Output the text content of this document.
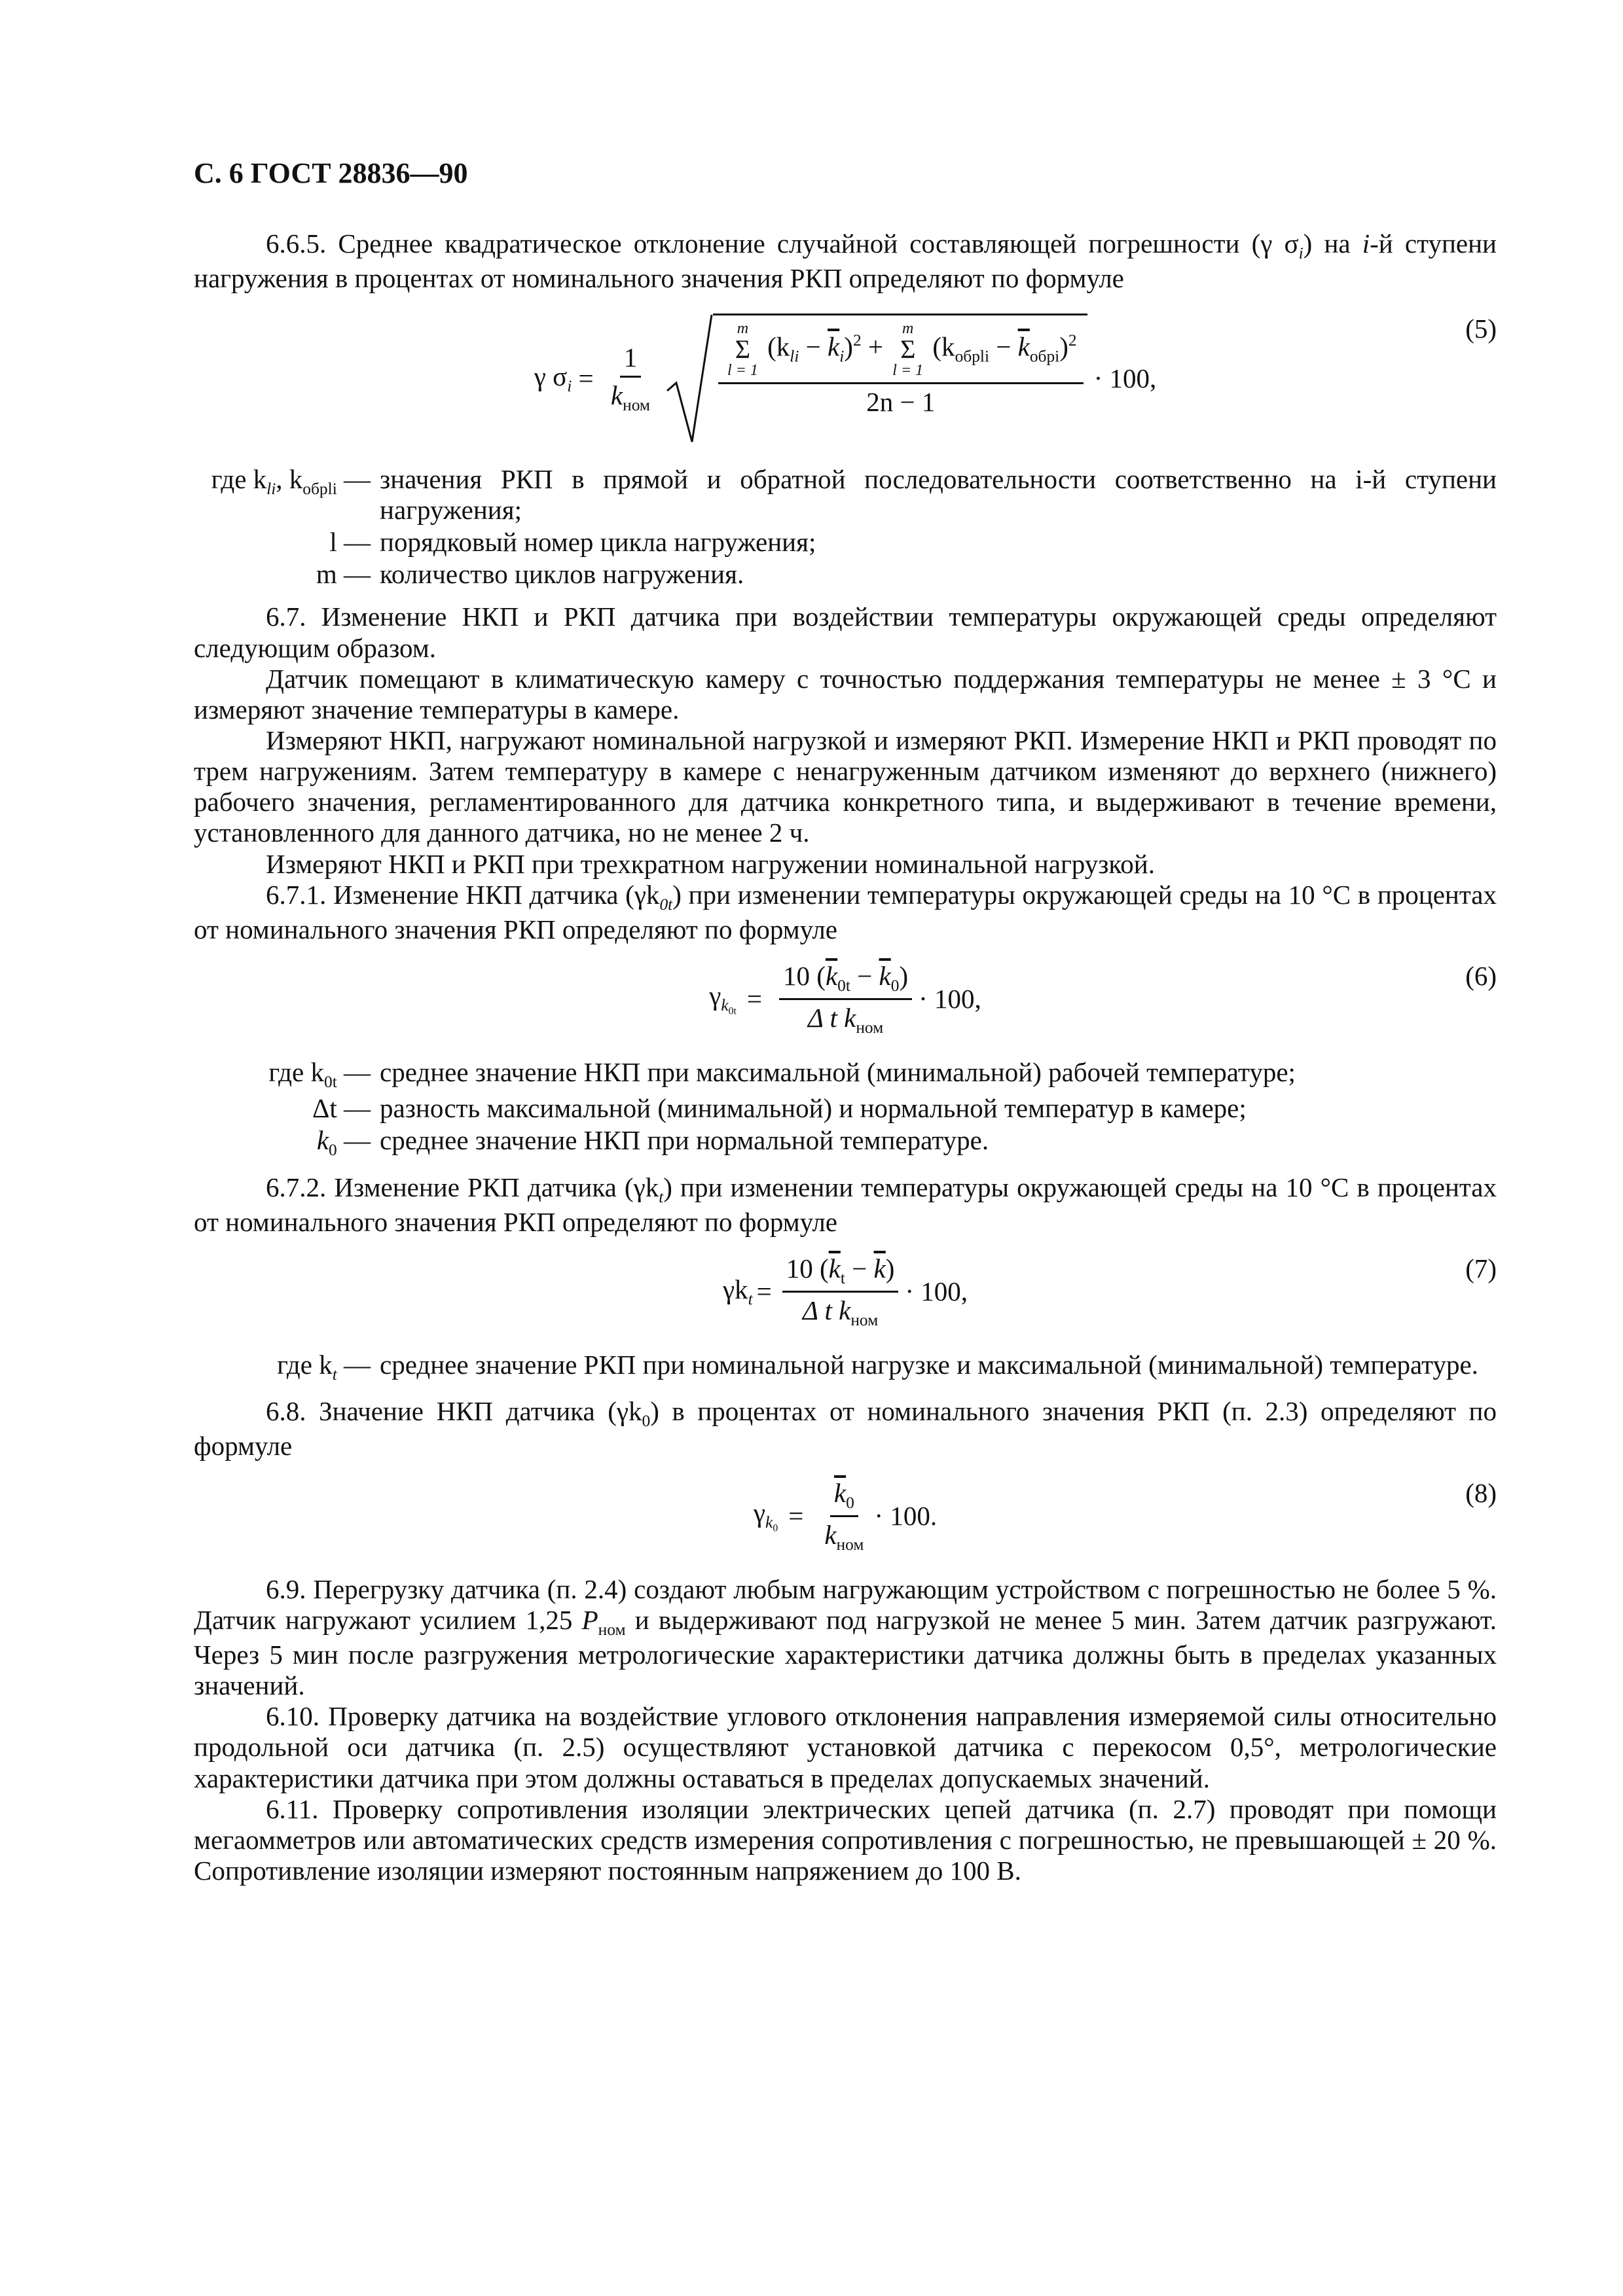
С. 6 ГОСТ 28836—90

6.6.5. Среднее квадратическое отклонение случайной составляющей погрешности (γ $\sigma_i$) на i-й ступени нагружения в процентах от номинального значения РКП определяют по формуле

γ $\sigma_i = \frac{1}{k_{ном}}$
m
Σ
l = 1
$(k_{li} - \overline{k}_i)^2$ +
m
Σ
l = 1
$(k_{обрli} - \overline{k}_{обрi})^2$
2n − 1
· 100,
(5)
где $k_{li}$, $k_{обрli}$ — значения РКП в прямой и обратной последовательности соответственно на i-й ступени нагружения;
l — порядковый номер цикла нагружения;
m — количество циклов нагружения.

6.7. Изменение НКП и РКП датчика при воздействии температуры окружающей среды определяют следующим образом.

Датчик помещают в климатическую камеру с точностью поддержания температуры не менее ± 3 °С и измеряют значение температуры в камере.

Измеряют НКП, нагружают номинальной нагрузкой и измеряют РКП. Измерение НКП и РКП проводят по трем нагружениям. Затем температуру в камере с ненагруженным датчиком изменяют до верхнего (нижнего) рабочего значения, регламентированного для датчика конкретного типа, и выдерживают в течение времени, установленного для данного датчика, но не менее 2 ч.

Измеряют НКП и РКП при трехкратном нагружении номинальной нагрузкой.

6.7.1. Изменение НКП датчика $(\gamma k_{0t})$ при изменении температуры окружающей среды на 10 °С в процентах от номинального значения РКП определяют по формуле

$\gamma_{k_{0t}} = \frac{10 (\overline{k}_{0t} - \overline{k}_0)}{\Delta t k_{ном}} \cdot 100$,
(6)
где $k_{0t}$ — среднее значение НКП при максимальной (минимальной) рабочей температуре;
Δt — разность максимальной (минимальной) и нормальной температур в камере;
$k_0$ — среднее значение НКП при нормальной температуре.

6.7.2. Изменение РКП датчика $(\gamma k_t)$ при изменении температуры окружающей среды на 10 °С в процентах от номинального значения РКП определяют по формуле

$\gamma k_t = \frac{10 (\overline{k}_t - \overline{k})}{\Delta t k_{ном}} \cdot 100$,
(7)
где $k_t$ — среднее значение РКП при номинальной нагрузке и максимальной (минимальной) температуре.

6.8. Значение НКП датчика $(\gamma k_0)$ в процентах от номинального значения РКП (п. 2.3) определяют по формуле

$\gamma_{k_0} = \frac{\overline{k}_0}{k_{ном}} \cdot 100$.
(8)

6.9. Перегрузку датчика (п. 2.4) создают любым нагружающим устройством с погрешностью не более 5 %. Датчик нагружают усилием 1,25 $P_{ном}$ и выдерживают под нагрузкой не менее 5 мин. Затем датчик разгружают. Через 5 мин после разгружения метрологические характеристики датчика должны быть в пределах указанных значений.

6.10. Проверку датчика на воздействие углового отклонения направления измеряемой силы относительно продольной оси датчика (п. 2.5) осуществляют установкой датчика с перекосом 0,5°, метрологические характеристики датчика при этом должны оставаться в пределах допускаемых значений.

6.11. Проверку сопротивления изоляции электрических цепей датчика (п. 2.7) проводят при помощи мегаомметров или автоматических средств измерения сопротивления с погрешностью, не превышающей ± 20 %. Сопротивление изоляции измеряют постоянным напряжением до 100 В.
